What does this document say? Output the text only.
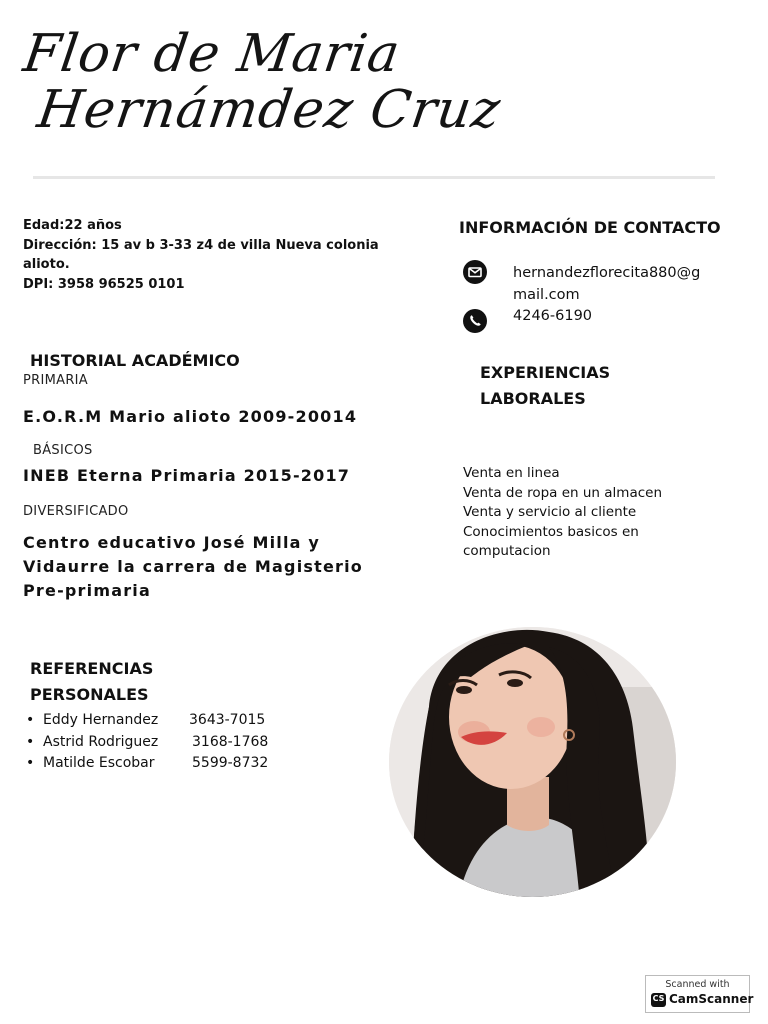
Flor de Maria
Hernámdez Cruz
Edad:22 años
Dirección: 15 av b 3-33 z4 de villa Nueva colonia
alioto.
DPI: 3958 96525 0101
HISTORIAL ACADÉMICO
PRIMARIA
E.O.R.M Mario alioto 2009-20014
BÁSICOS
INEB Eterna Primaria 2015-2017
DIVERSIFICADO
Centro educativo José Milla y
Vidaurre la carrera de Magisterio
Pre-primaria
INFORMACIÓN DE CONTACTO
hernandezflorecita880@g
mail.com
4246-6190
EXPERIENCIAS
LABORALES
Venta en linea
Venta de ropa en un almacen
Venta y servicio al cliente
Conocimientos basicos en
computacion
REFERENCIAS
PERSONALES
• Eddy Hernandez 3643-7015
• Astrid Rodriguez 3168-1768
• Matilde Escobar	5599-8732
Scanned with
CS CamScanner
